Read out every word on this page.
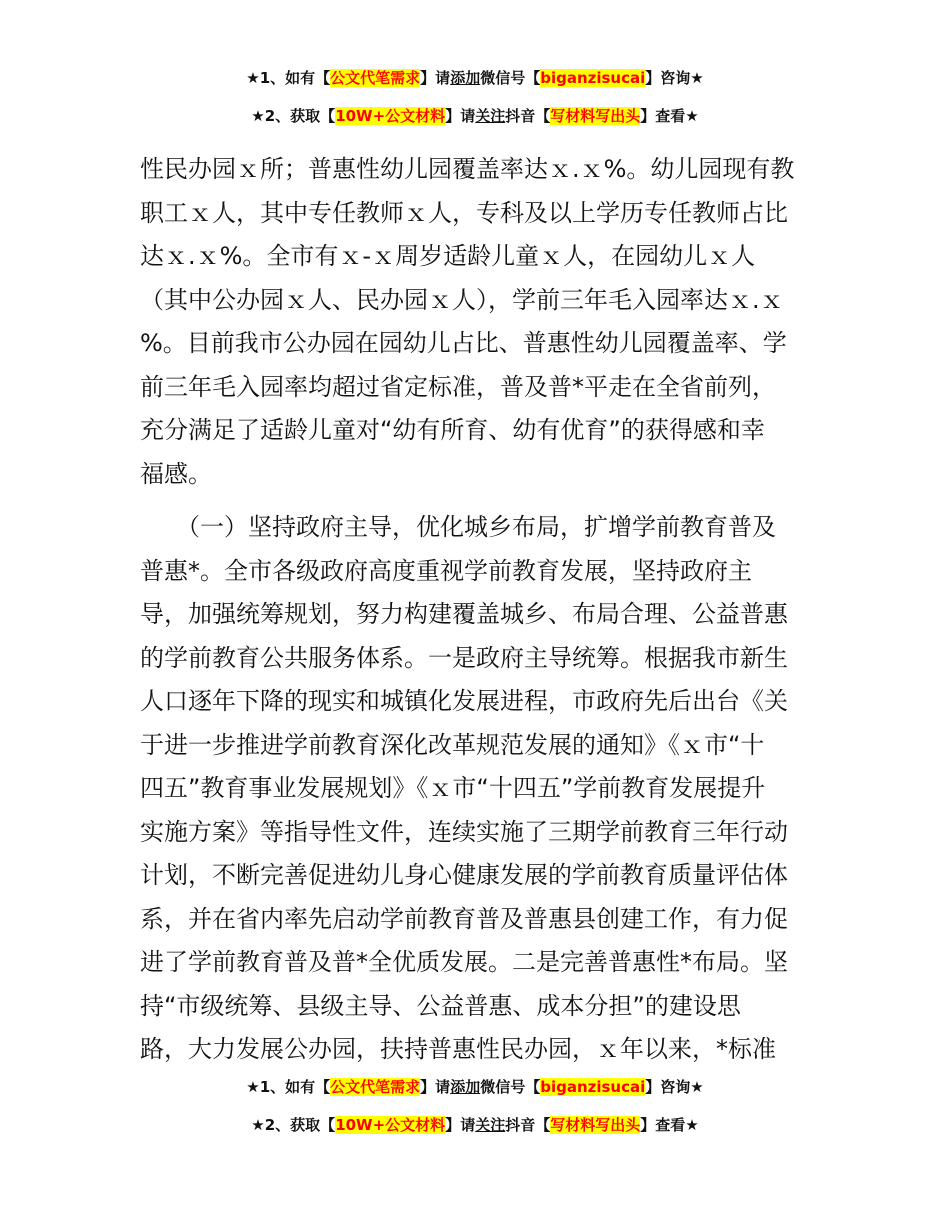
★1、如有【公文代笔需求】请添加微信号【biganzisucai】咨询★
★2、获取【10W+公文材料】请关注抖音【写材料写出头】查看★
性民办园ｘ所；普惠性幼儿园覆盖率达ｘ.ｘ%。幼儿园现有教
职工ｘ人，其中专任教师ｘ人，专科及以上学历专任教师占比
达ｘ.ｘ%。全市有ｘ-ｘ周岁适龄儿童ｘ人，在园幼儿ｘ人
（其中公办园ｘ人、民办园ｘ人），学前三年毛入园率达ｘ.ｘ
%。目前我市公办园在园幼儿占比、普惠性幼儿园覆盖率、学
前三年毛入园率均超过省定标准，普及普*平走在全省前列，
充分满足了适龄儿童对“幼有所育、幼有优育”的获得感和幸
福感。
　　（一）坚持政府主导，优化城乡布局，扩增学前教育普及
普惠*。全市各级政府高度重视学前教育发展，坚持政府主
导，加强统筹规划，努力构建覆盖城乡、布局合理、公益普惠
的学前教育公共服务体系。一是政府主导统筹。根据我市新生
人口逐年下降的现实和城镇化发展进程，市政府先后出台《关
于进一步推进学前教育深化改革规范发展的通知》《ｘ市“十
四五”教育事业发展规划》《ｘ市“十四五”学前教育发展提升
实施方案》等指导性文件，连续实施了三期学前教育三年行动
计划，不断完善促进幼儿身心健康发展的学前教育质量评估体
系，并在省内率先启动学前教育普及普惠县创建工作，有力促
进了学前教育普及普*全优质发展。二是完善普惠性*布局。坚
持“市级统筹、县级主导、公益普惠、成本分担”的建设思
路，大力发展公办园，扶持普惠性民办园，ｘ年以来，*标准
★1、如有【公文代笔需求】请添加微信号【biganzisucai】咨询★
★2、获取【10W+公文材料】请关注抖音【写材料写出头】查看★
